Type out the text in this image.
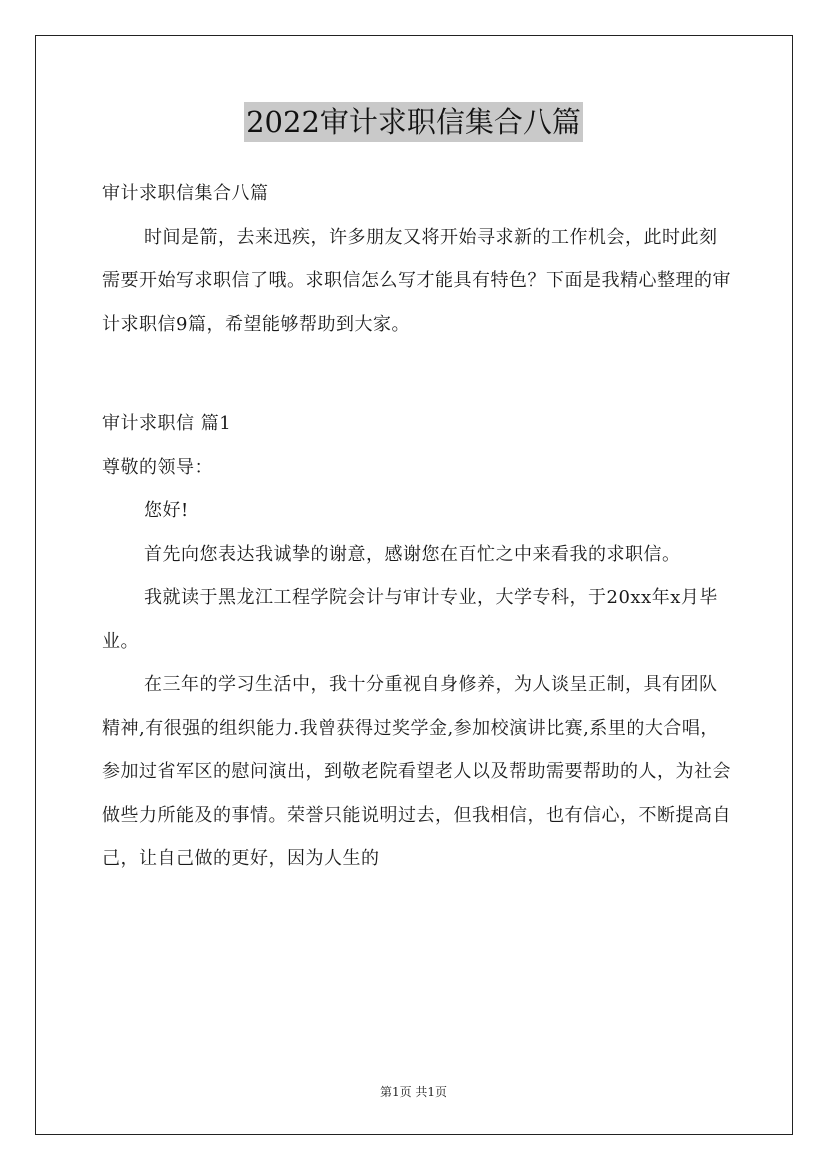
2022审计求职信集合八篇

审计求职信集合八篇

时间是箭，去来迅疾，许多朋友又将开始寻求新的工作机会，此时此刻需要开始写求职信了哦。求职信怎么写才能具有特色？下面是我精心整理的审计求职信9篇，希望能够帮助到大家。

审计求职信 篇1

尊敬的领导：

您好!

首先向您表达我诚挚的谢意，感谢您在百忙之中来看我的求职信。

我就读于黑龙江工程学院会计与审计专业，大学专科，于20xx年x月毕业。

在三年的学习生活中，我十分重视自身修养，为人谈呈正制，具有团队精神,有很强的组织能力.我曾获得过奖学金,参加校演讲比赛,系里的大合唱，参加过省军区的慰问演出，到敬老院看望老人以及帮助需要帮助的人，为社会做些力所能及的事情。荣誉只能说明过去，但我相信，也有信心，不断提高自己，让自己做的更好，因为人生的

第1页 共1页
